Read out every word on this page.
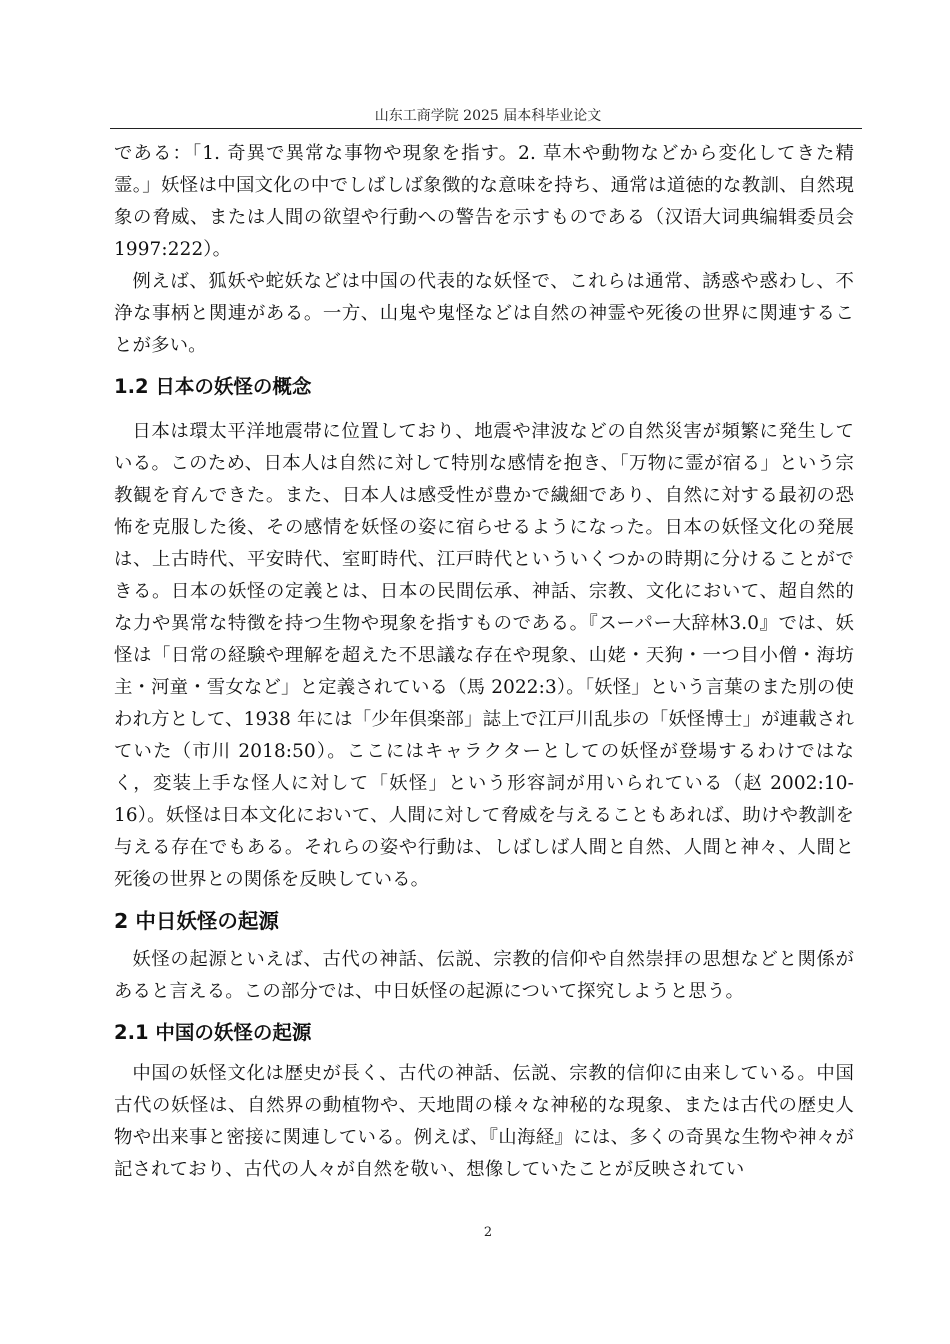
山东工商学院 2025 届本科毕业论文

である：「1. 奇異で異常な事物や現象を指す。2. 草木や動物などから変化してきた精霊。」妖怪は中国文化の中でしばしば象徴的な意味を持ち、通常は道徳的な教訓、自然現象の脅威、または人間の欲望や行動への警告を示すものである（汉语大词典编辑委员会 1997:222）。

例えば、狐妖や蛇妖などは中国の代表的な妖怪で、これらは通常、誘惑や惑わし、不浄な事柄と関連がある。一方、山鬼や鬼怪などは自然の神霊や死後の世界に関連することが多い。

1.2 日本の妖怪の概念

日本は環太平洋地震帯に位置しており、地震や津波などの自然災害が頻繁に発生している。このため、日本人は自然に対して特別な感情を抱き、「万物に霊が宿る」という宗教観を育んできた。また、日本人は感受性が豊かで繊細であり、自然に対する最初の恐怖を克服した後、その感情を妖怪の姿に宿らせるようになった。日本の妖怪文化の発展は、上古時代、平安時代、室町時代、江戸時代といういくつかの時期に分けることができる。日本の妖怪の定義とは、日本の民間伝承、神話、宗教、文化において、超自然的な力や異常な特徴を持つ生物や現象を指すものである。『スーパー大辞林3.0』では、妖怪は「日常の経験や理解を超えた不思議な存在や現象、山姥・天狗・一つ目小僧・海坊主・河童・雪女など」と定義されている（馬 2022:3）。「妖怪」という言葉のまた別の使われ方として、1938 年には「少年倶楽部」誌上で江戸川乱歩の「妖怪博士」が連載されていた（市川 2018:50）。ここにはキャラクターとしての妖怪が登場するわけではなく，変装上手な怪人に対して「妖怪」という形容詞が用いられている（赵 2002:10-16）。妖怪は日本文化において、人間に対して脅威を与えることもあれば、助けや教訓を与える存在でもある。それらの姿や行動は、しばしば人間と自然、人間と神々、人間と死後の世界との関係を反映している。

2 中日妖怪の起源

妖怪の起源といえば、古代の神話、伝説、宗教的信仰や自然崇拝の思想などと関係があると言える。この部分では、中日妖怪の起源について探究しようと思う。

2.1 中国の妖怪の起源

中国の妖怪文化は歴史が長く、古代の神話、伝説、宗教的信仰に由来している。中国古代の妖怪は、自然界の動植物や、天地間の様々な神秘的な現象、または古代の歴史人物や出来事と密接に関連している。例えば、『山海経』には、多くの奇異な生物や神々が記されており、古代の人々が自然を敬い、想像していたことが反映されてい

2
